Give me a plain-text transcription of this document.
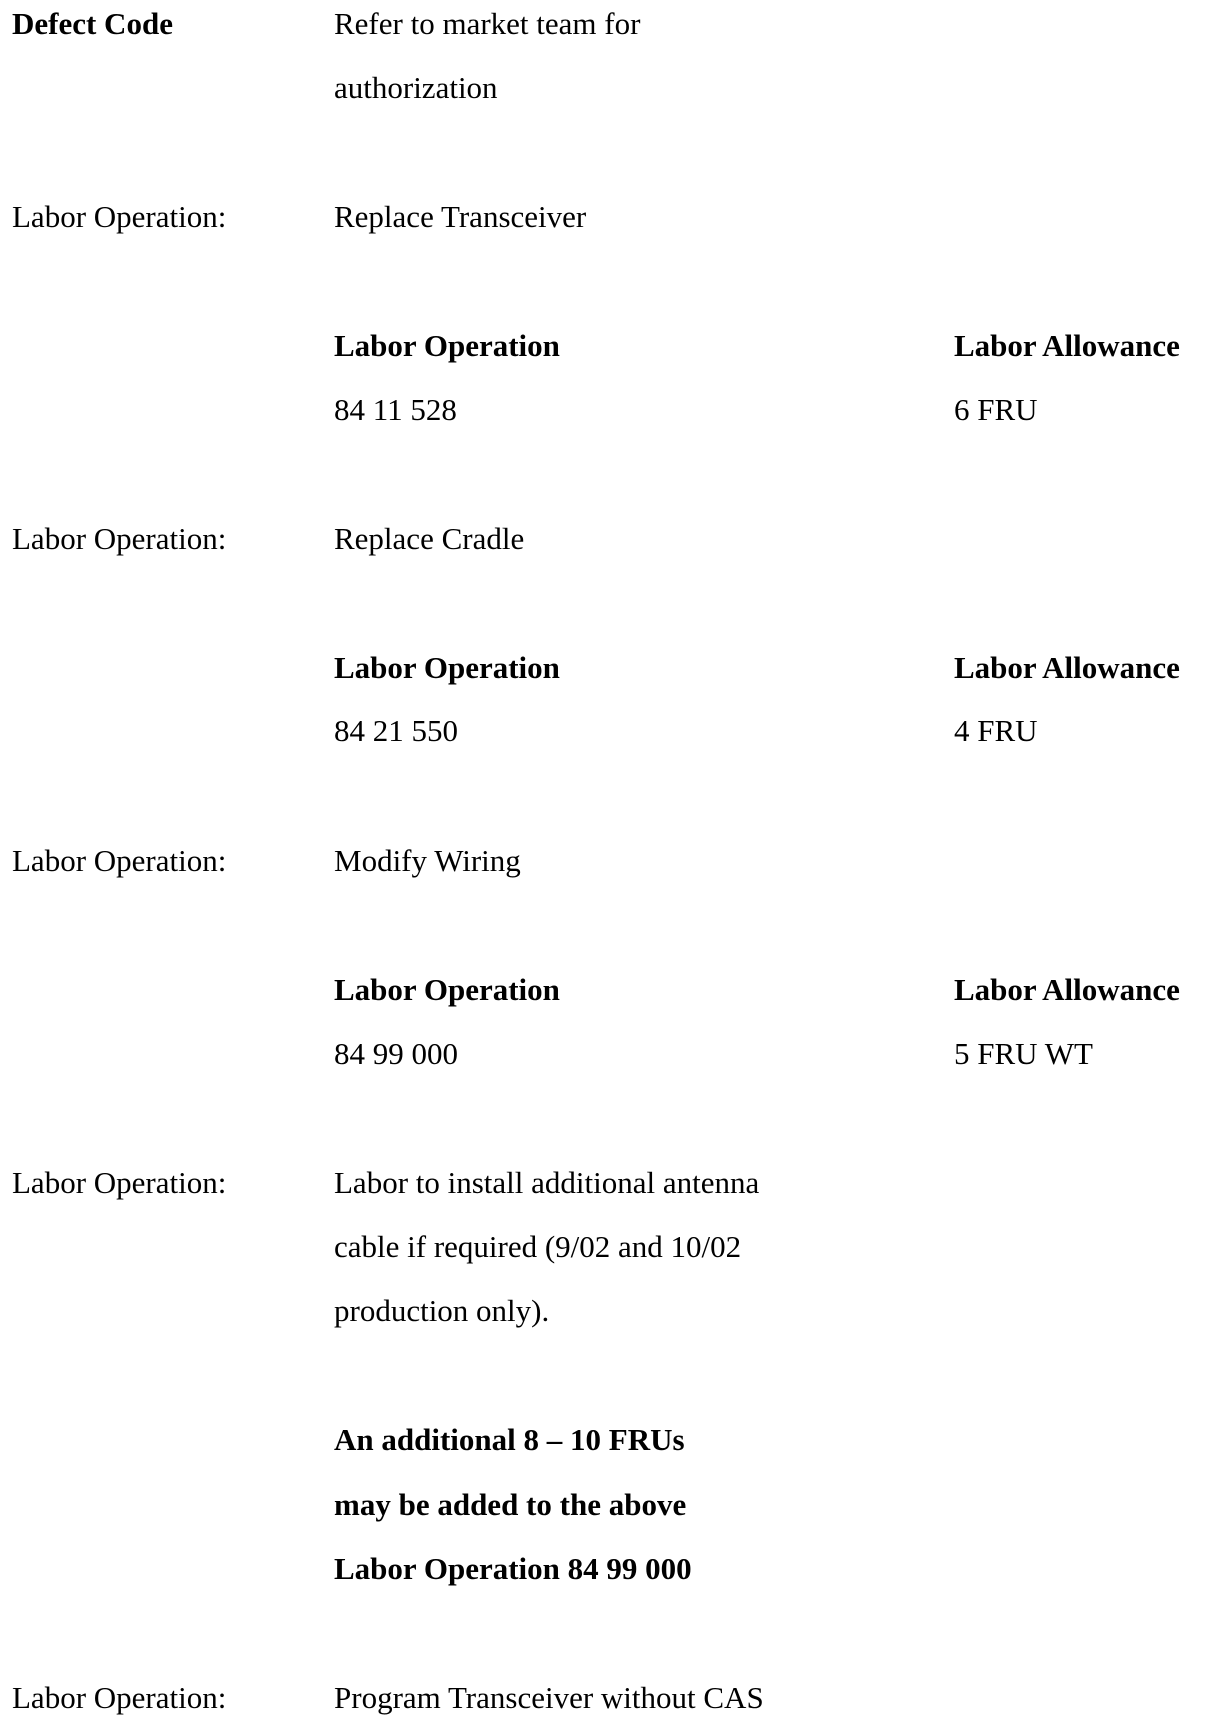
Defect Code	Refer to market team for
authorization
Labor Operation:	Replace Transceiver
Labor Operation	Labor Allowance
84 11 528	6 FRU
Labor Operation:	Replace Cradle
Labor Operation	Labor Allowance
84 21 550	4 FRU
Labor Operation:	Modify Wiring
Labor Operation	Labor Allowance
84 99 000	5 FRU WT
Labor Operation:	Labor to install additional antenna
cable if required (9/02 and 10/02
production only).
An additional 8 – 10 FRUs
may be added to the above
Labor Operation 84 99 000
Labor Operation:	Program Transceiver without CAS
